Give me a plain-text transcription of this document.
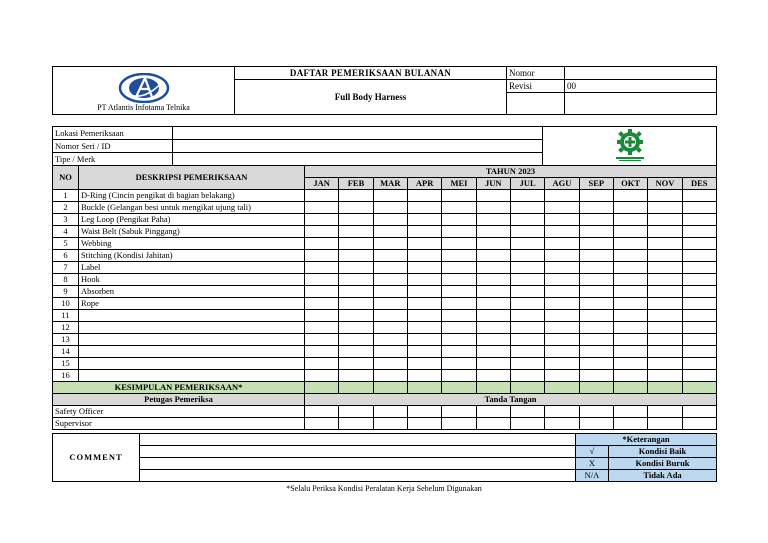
PT Atlantis Infotama Telnika	DAFTAR PEMERIKSAAN BULANAN	Nomor	
	Full Body Harness	Revisi	00

Lokasi Pemeriksaan		
Nomor Seri / ID		
Tipe / Merk		
NO	DESKRIPSI PEMERIKSAAN	TAHUN 2023											
		JAN	FEB	MAR	APR	MEI	JUN	JUL	AGU	SEP	OKT	NOV	DES
1	D-Ring (Cincin pengikat di bagian belakang)												
2	Buckle (Gelangan besi untuk mengikat ujung tali)												
3	Leg Loop (Pengikat Paha)												
4	Waist Belt (Sabuk Pinggang)												
5	Webbing												
6	Stitching (Kondisi Jahitan)												
7	Label												
8	Hook												
9	Absorben												
10	Rope												
11													
12													
13													
14													
15													
16													
KESIMPULAN PEMERIKSAAN*													
Petugas Pemeriksa		Tanda Tangan											
Safety Officer													
Supervisor													
COMMENT		*Keterangan	
		√	Kondisi Baik
		X	Kondisi Buruk
		N/A	Tidak Ada
*Selalu Periksa Kondisi Peralatan Kerja Sebelum Digunakan
